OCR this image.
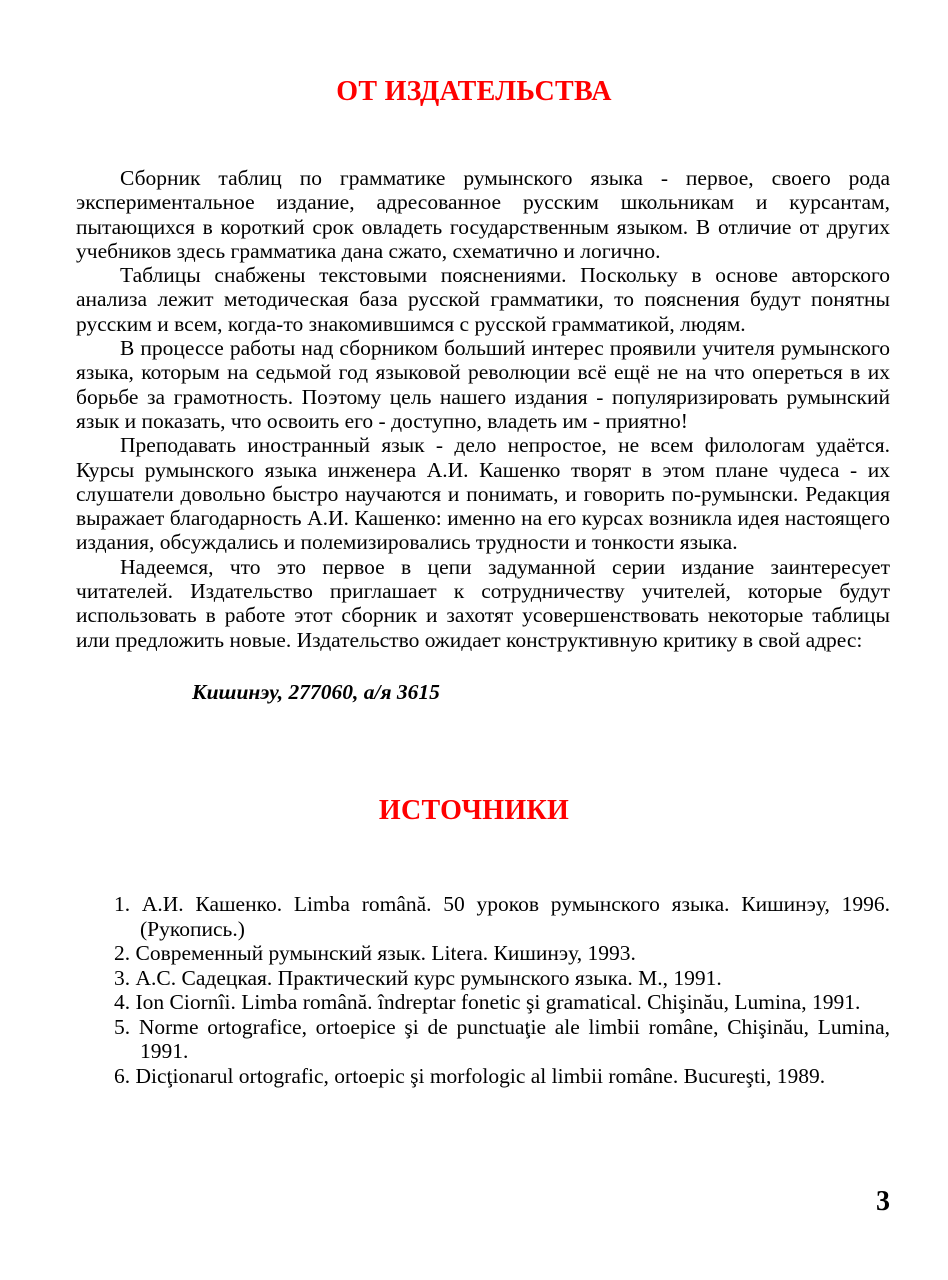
ОТ ИЗДАТЕЛЬСТВА

Сборник таблиц по грамматике румынского языка - первое, своего рода экспериментальное издание, адресованное русским школьникам и курсантам, пытающихся в короткий срок овладеть государственным языком. В отличие от других учебников здесь грамматика дана сжато, схематично и логично.

Таблицы снабжены текстовыми пояснениями. Поскольку в основе авторского анализа лежит методическая база русской грамматики, то пояснения будут понятны русским и всем, когда-то знакомившимся с русской грамматикой, людям.

В процессе работы над сборником больший интерес проявили учителя румынского языка, которым на седьмой год языковой революции всё ещё не на что опереться в их борьбе за грамотность. Поэтому цель нашего издания - популяризировать румынский язык и показать, что освоить его - доступно, владеть им - приятно!

Преподавать иностранный язык - дело непростое, не всем филологам удаётся. Курсы румынского языка инженера А.И. Кашенко творят в этом плане чудеса - их слушатели довольно быстро научаются и понимать, и говорить по-румынски. Редакция выражает благодарность А.И. Кашенко: именно на его курсах возникла идея настоящего издания, обсуждались и полемизировались трудности и тонкости языка.

Надеемся, что это первое в цепи задуманной серии издание заинтересует читателей. Издательство приглашает к сотрудничеству учителей, которые будут использовать в работе этот сборник и захотят усовершенствовать некоторые таблицы или предложить новые. Издательство ожидает конструктивную критику в свой адрес:

Кишинэу, 277060, а/я 3615
ИСТОЧНИКИ
1. А.И. Кашенко. Limba română. 50 уроков румынского языка. Кишинэу, 1996. (Рукопись.)
2. Современный румынский язык. Litera. Кишинэу, 1993.
3. А.С. Садецкая. Практический курс румынского языка. М., 1991.
4. Ion Ciornîi. Limba română. îndreptar fonetic şi gramatical. Chişinău, Lumina, 1991.
5. Norme ortografice, ortoepice şi de punctuaţie ale limbii române, Chişinău, Lumina, 1991.
6. Dicţionarul ortografic, ortoepic şi morfologic al limbii române. Bucureşti, 1989.
3
